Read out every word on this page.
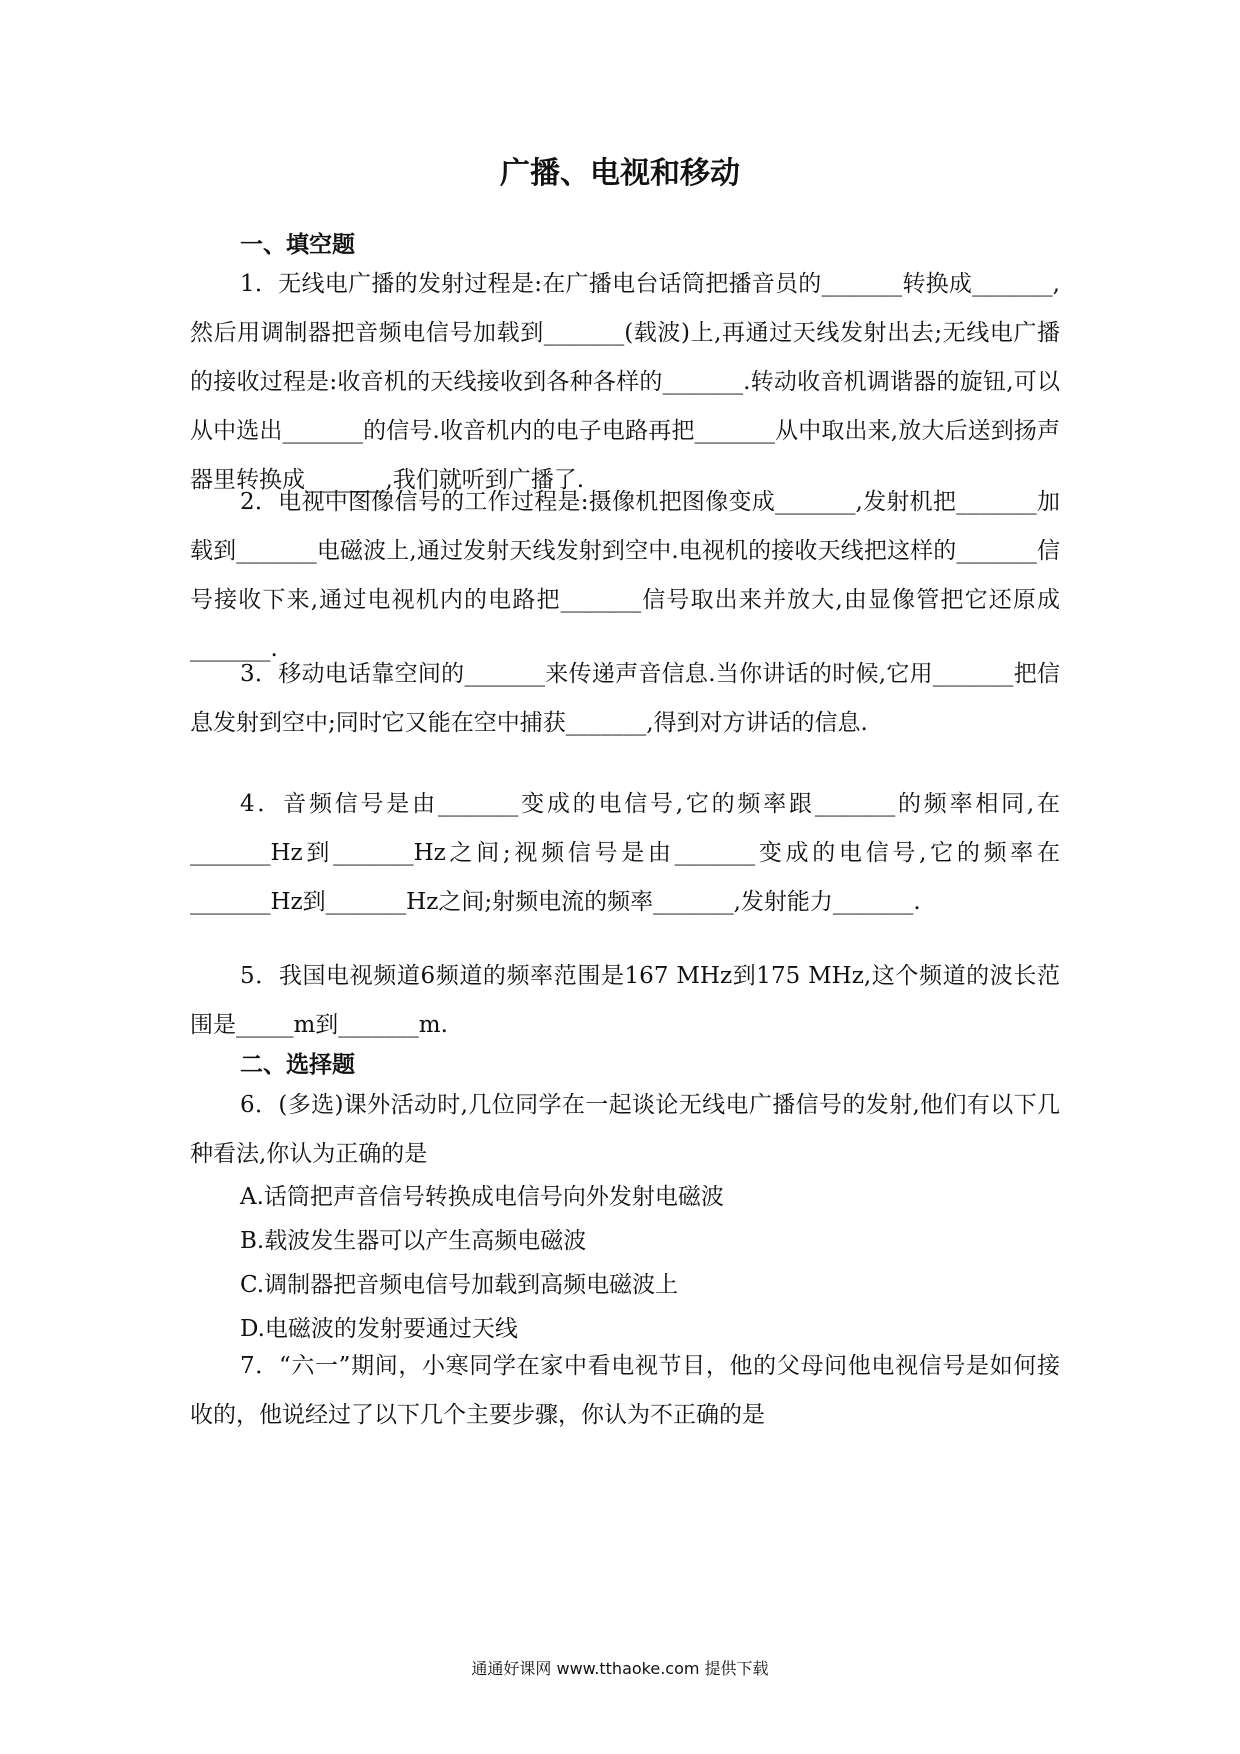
广播、电视和移动
一、填空题
1．无线电广播的发射过程是:在广播电台话筒把播音员的_______转换成_______,然后用调制器把音频电信号加载到_______(载波)上,再通过天线发射出去;无线电广播的接收过程是:收音机的天线接收到各种各样的_______.转动收音机调谐器的旋钮,可以从中选出_______的信号.收音机内的电子电路再把_______从中取出来,放大后送到扬声器里转换成_______,我们就听到广播了.
2．电视中图像信号的工作过程是:摄像机把图像变成_______,发射机把_______加载到_______电磁波上,通过发射天线发射到空中.电视机的接收天线把这样的_______信号接收下来,通过电视机内的电路把_______信号取出来并放大,由显像管把它还原成_______.
3．移动电话靠空间的_______来传递声音信息.当你讲话的时候,它用_______把信息发射到空中;同时它又能在空中捕获_______,得到对方讲话的信息.
4．音频信号是由_______变成的电信号,它的频率跟_______的频率相同,在_______Hz到_______Hz之间;视频信号是由_______变成的电信号,它的频率在_______Hz到_______Hz之间;射频电流的频率_______,发射能力_______.
5．我国电视频道6频道的频率范围是167 MHz到175 MHz,这个频道的波长范围是_____m到_______m.
二、选择题
6．(多选)课外活动时,几位同学在一起谈论无线电广播信号的发射,他们有以下几种看法,你认为正确的是
A.话筒把声音信号转换成电信号向外发射电磁波
B.载波发生器可以产生高频电磁波
C.调制器把音频电信号加载到高频电磁波上
D.电磁波的发射要通过天线
7．“六一”期间，小寒同学在家中看电视节目，他的父母问他电视信号是如何接收的，他说经过了以下几个主要步骤，你认为不正确的是
通通好课网 www.tthaoke.com 提供下载
